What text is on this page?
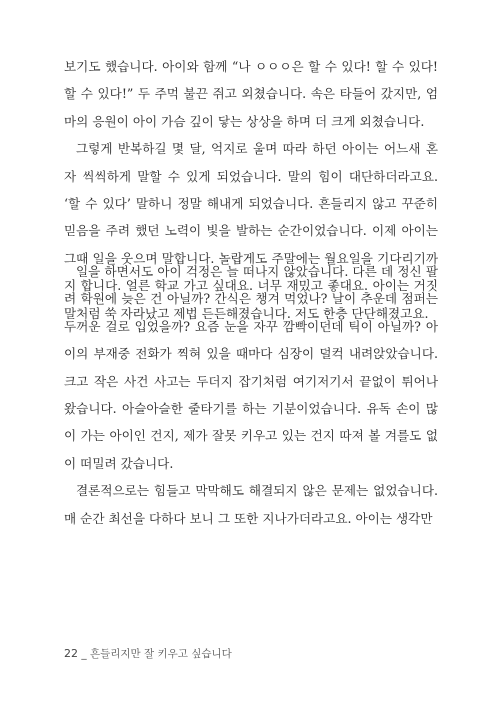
보기도 했습니다. 아이와 함께 “나 ㅇㅇㅇ은 할 수 있다! 할 수 있다!
할 수 있다!” 두 주먹 불끈 쥐고 외쳤습니다. 속은 타들어 갔지만, 엄
마의 응원이 아이 가슴 깊이 닿는 상상을 하며 더 크게 외쳤습니다.
그렇게 반복하길 몇 달, 억지로 울며 따라 하던 아이는 어느새 혼
자 씩씩하게 말할 수 있게 되었습니다. 말의 힘이 대단하더라고요.
‘할 수 있다’ 말하니 정말 해내게 되었습니다. 흔들리지 않고 꾸준히
믿음을 주려 했던 노력이 빛을 발하는 순간이었습니다. 이제 아이는
그때 일을 웃으며 말합니다. 놀랍게도 주말에는 월요일을 기다리기까
지 합니다. 얼른 학교 가고 싶대요. 너무 재밌고 좋대요. 아이는 거짓
말처럼 쑥 자라났고 제법 든든해졌습니다. 저도 한층 단단해졌고요.
일을 하면서도 아이 걱정은 늘 떠나지 않았습니다. 다른 데 정신 팔
려 학원에 늦은 건 아닐까? 간식은 챙겨 먹었나? 날이 추운데 점퍼는
두꺼운 걸로 입었을까? 요즘 눈을 자꾸 깜빡이던데 틱이 아닐까? 아
이의 부재중 전화가 찍혀 있을 때마다 심장이 덜컥 내려앉았습니다.
크고 작은 사건 사고는 두더지 잡기처럼 여기저기서 끝없이 튀어나
왔습니다. 아슬아슬한 줄타기를 하는 기분이었습니다. 유독 손이 많
이 가는 아이인 건지, 제가 잘못 키우고 있는 건지 따져 볼 겨를도 없
이 떠밀려 갔습니다.
결론적으로는 힘들고 막막해도 해결되지 않은 문제는 없었습니다.
매 순간 최선을 다하다 보니 그 또한 지나가더라고요. 아이는 생각만
22 _ 흔들리지만 잘 키우고 싶습니다
